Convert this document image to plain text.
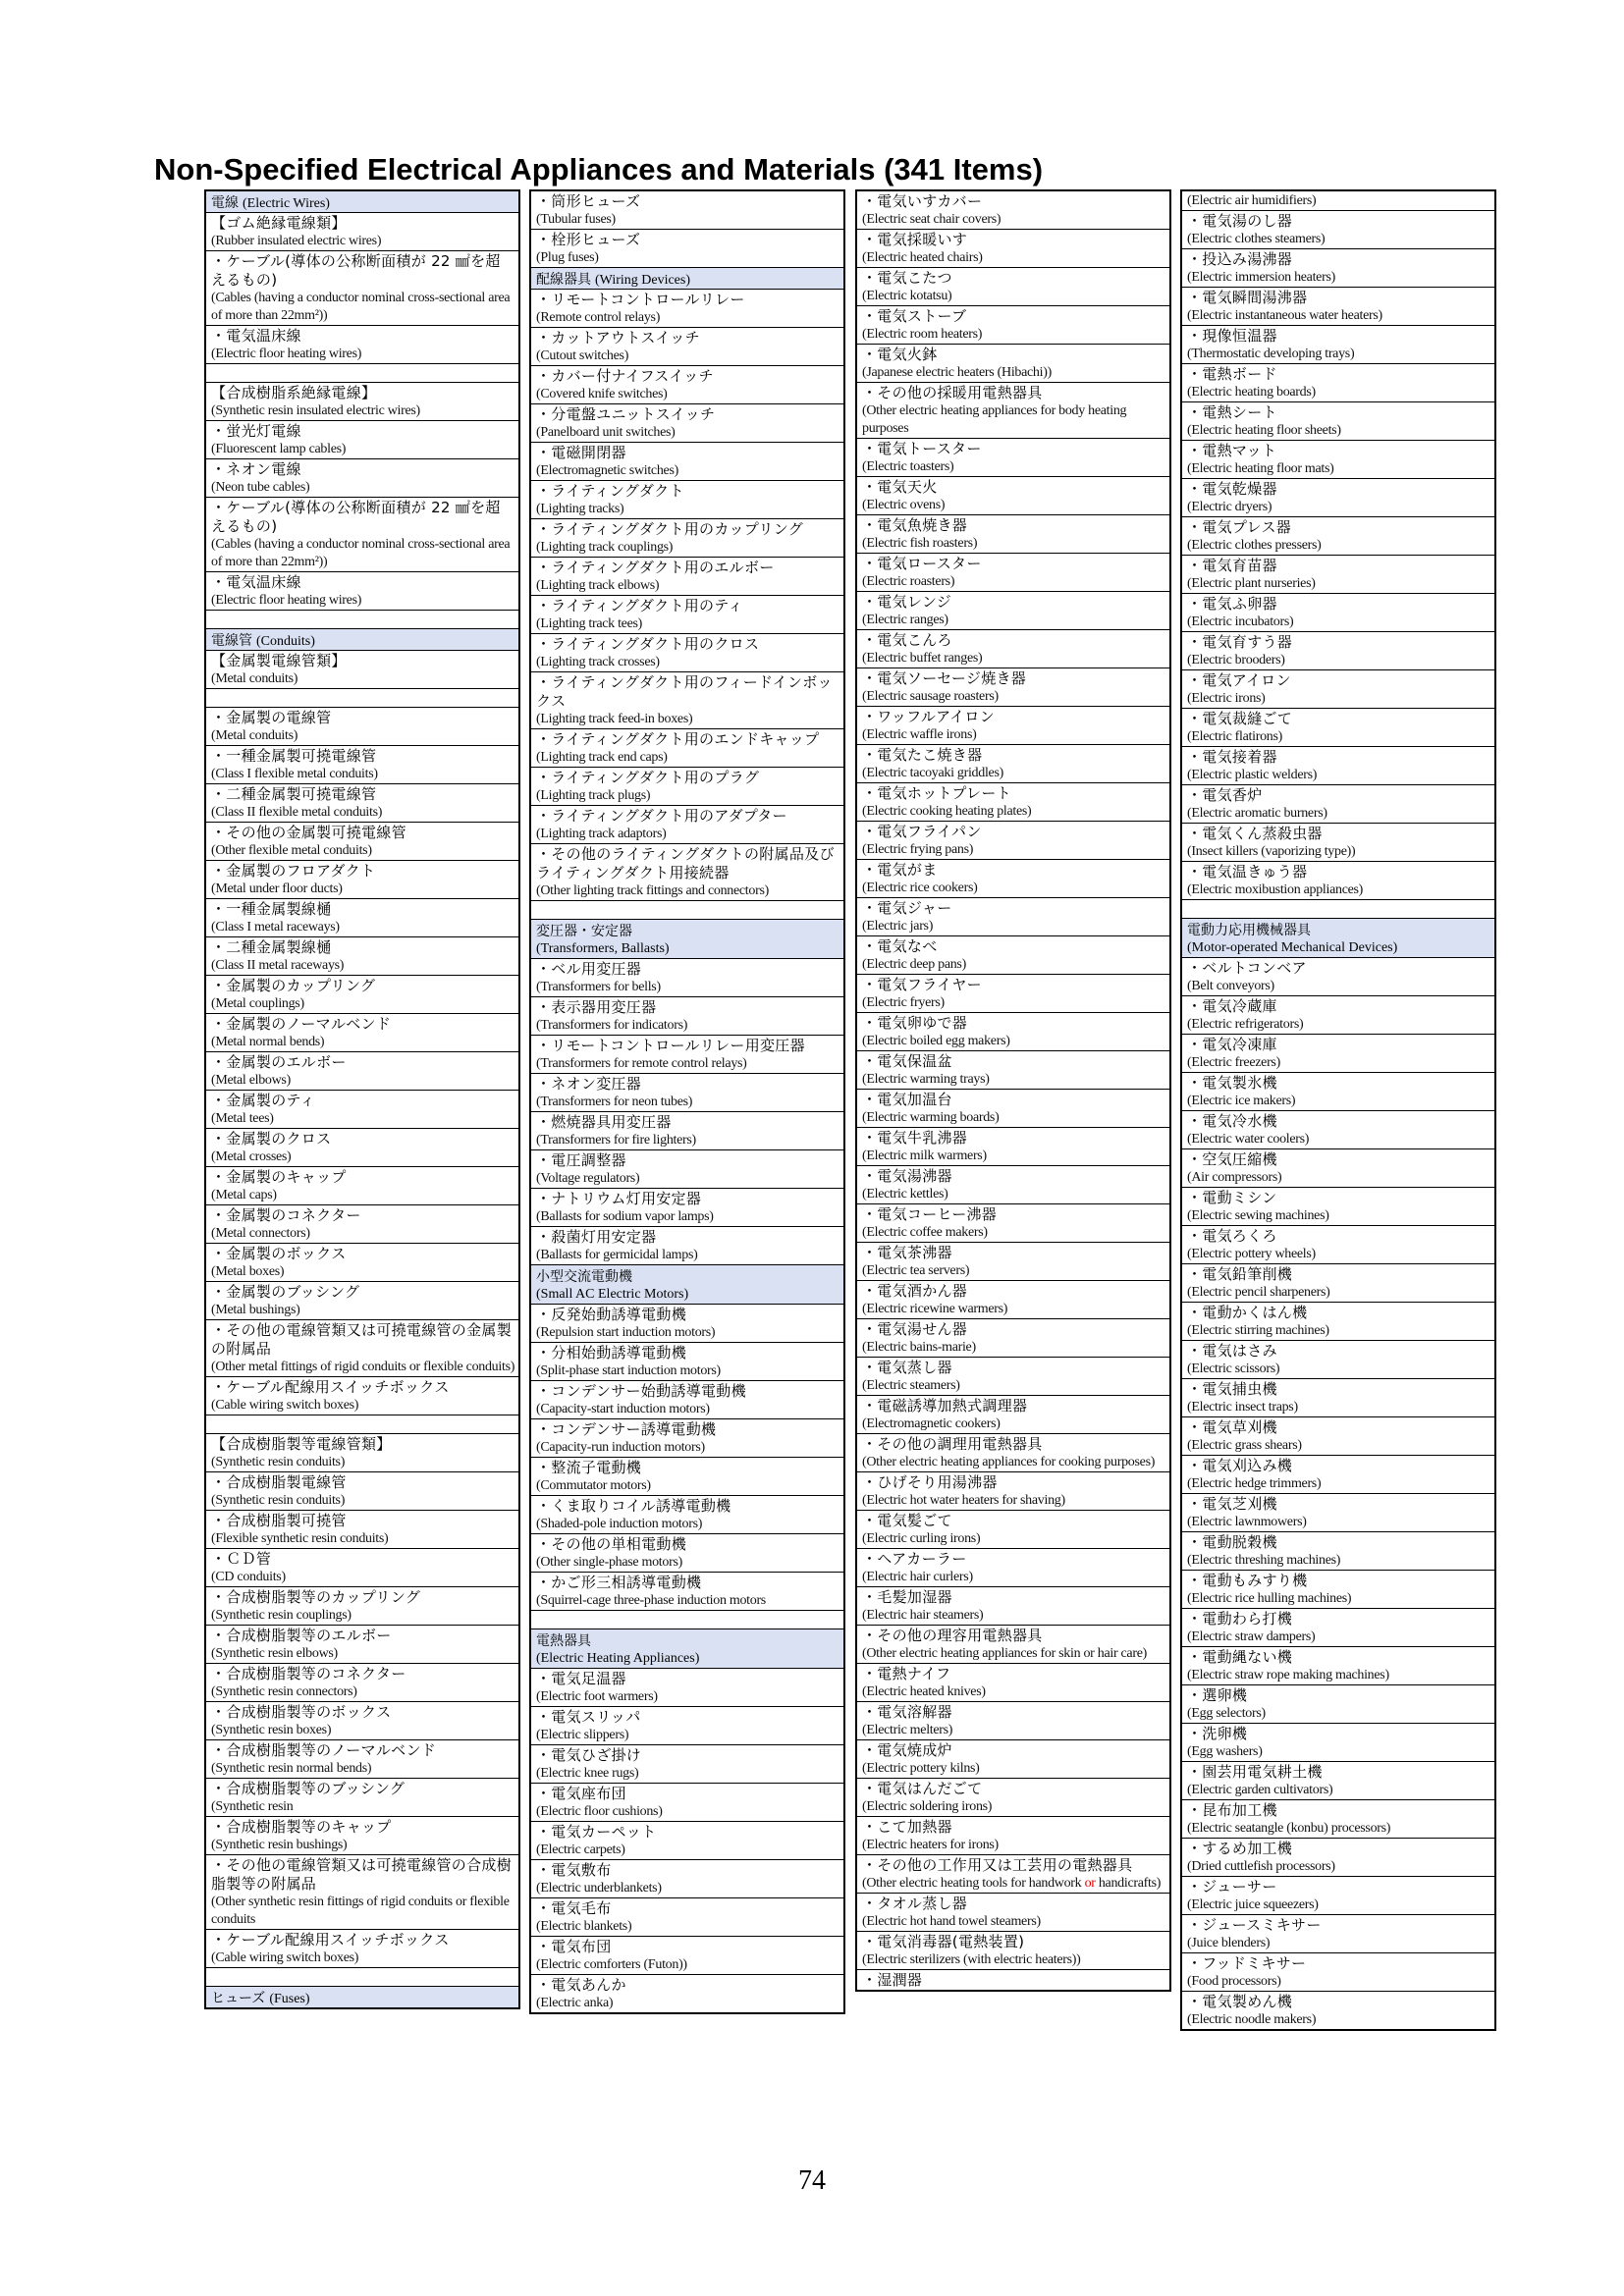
Non-Specified Electrical Appliances and Materials (341 Items)
電線 (Electric Wires)
【ゴム絶縁電線類】
(Rubber insulated electric wires)
・ケーブル(導体の公称断面積が 22 ㎟を超えるもの)
(Cables (having a conductor nominal cross-sectional area of more than 22mm²))
・電気温床線
(Electric floor heating wires)
【合成樹脂系絶縁電線】
(Synthetic resin insulated electric wires)
・蛍光灯電線
(Fluorescent lamp cables)
・ネオン電線
(Neon tube cables)
・ケーブル(導体の公称断面積が 22 ㎟を超えるもの)
(Cables (having a conductor nominal cross-sectional area of more than 22mm²))
・電気温床線
(Electric floor heating wires)
電線管 (Conduits)
【金属製電線管類】
(Metal conduits)
・金属製の電線管
(Metal conduits)
・一種金属製可撓電線管
(Class I flexible metal conduits)
・二種金属製可撓電線管
(Class II flexible metal conduits)
・その他の金属製可撓電線管
(Other flexible metal conduits)
・金属製のフロアダクト
(Metal under floor ducts)
・一種金属製線樋
(Class I metal raceways)
・二種金属製線樋
(Class II metal raceways)
・金属製のカップリング
(Metal couplings)
・金属製のノーマルベンド
(Metal normal bends)
・金属製のエルボー
(Metal elbows)
・金属製のティ
(Metal tees)
・金属製のクロス
(Metal crosses)
・金属製のキャップ
(Metal caps)
・金属製のコネクター
(Metal connectors)
・金属製のボックス
(Metal boxes)
・金属製のブッシング
(Metal bushings)
・その他の電線管類又は可撓電線管の金属製の附属品
(Other metal fittings of rigid conduits or flexible conduits)
・ケーブル配線用スイッチボックス
(Cable wiring switch boxes)
【合成樹脂製等電線管類】
(Synthetic resin conduits)
・合成樹脂製電線管
(Synthetic resin conduits)
・合成樹脂製可撓管
(Flexible synthetic resin conduits)
・ＣＤ管
(CD conduits)
・合成樹脂製等のカップリング
(Synthetic resin couplings)
・合成樹脂製等のエルボー
(Synthetic resin elbows)
・合成樹脂製等のコネクター
(Synthetic resin connectors)
・合成樹脂製等のボックス
(Synthetic resin boxes)
・合成樹脂製等のノーマルベンド
(Synthetic resin normal bends)
・合成樹脂製等のブッシング
(Synthetic resin
・合成樹脂製等のキャップ
(Synthetic resin bushings)
・その他の電線管類又は可撓電線管の合成樹脂製等の附属品
(Other synthetic resin fittings of rigid conduits or flexible conduits
・ケーブル配線用スイッチボックス
(Cable wiring switch boxes)
ヒューズ (Fuses)
・筒形ヒューズ
(Tubular fuses)
・栓形ヒューズ
(Plug fuses)
配線器具 (Wiring Devices)
・リモートコントロールリレー
(Remote control relays)
・カットアウトスイッチ
(Cutout switches)
・カバー付ナイフスイッチ
(Covered knife switches)
・分電盤ユニットスイッチ
(Panelboard unit switches)
・電磁開閉器
(Electromagnetic switches)
・ライティングダクト
(Lighting tracks)
・ライティングダクト用のカップリング
(Lighting track couplings)
・ライティングダクト用のエルボー
(Lighting track elbows)
・ライティングダクト用のティ
(Lighting track tees)
・ライティングダクト用のクロス
(Lighting track crosses)
・ライティングダクト用のフィードインボックス
(Lighting track feed-in boxes)
・ライティングダクト用のエンドキャップ
(Lighting track end caps)
・ライティングダクト用のプラグ
(Lighting track plugs)
・ライティングダクト用のアダプター
(Lighting track adaptors)
・その他のライティングダクトの附属品及びライティングダクト用接続器
(Other lighting track fittings and connectors)
変圧器・安定器
(Transformers, Ballasts)
・ベル用変圧器
(Transformers for bells)
・表示器用変圧器
(Transformers for indicators)
・リモートコントロールリレー用変圧器
(Transformers for remote control relays)
・ネオン変圧器
(Transformers for neon tubes)
・燃焼器具用変圧器
(Transformers for fire lighters)
・電圧調整器
(Voltage regulators)
・ナトリウム灯用安定器
(Ballasts for sodium vapor lamps)
・殺菌灯用安定器
(Ballasts for germicidal lamps)
小型交流電動機
(Small AC Electric Motors)
・反発始動誘導電動機
(Repulsion start induction motors)
・分相始動誘導電動機
(Split-phase start induction motors)
・コンデンサー始動誘導電動機
(Capacity-start induction motors)
・コンデンサー誘導電動機
(Capacity-run induction motors)
・整流子電動機
(Commutator motors)
・くま取りコイル誘導電動機
(Shaded-pole induction motors)
・その他の単相電動機
(Other single-phase motors)
・かご形三相誘導電動機
(Squirrel-cage three-phase induction motors
電熱器具
(Electric Heating Appliances)
・電気足温器
(Electric foot warmers)
・電気スリッパ
(Electric slippers)
・電気ひざ掛け
(Electric knee rugs)
・電気座布団
(Electric floor cushions)
・電気カーペット
(Electric carpets)
・電気敷布
(Electric underblankets)
・電気毛布
(Electric blankets)
・電気布団
(Electric comforters (Futon))
・電気あんか
(Electric anka)
・電気いすカバー
(Electric seat chair covers)
・電気採暖いす
(Electric heated chairs)
・電気こたつ
(Electric kotatsu)
・電気ストーブ
(Electric room heaters)
・電気火鉢
(Japanese electric heaters (Hibachi))
・その他の採暖用電熱器具
(Other electric heating appliances for body heating purposes
・電気トースター
(Electric toasters)
・電気天火
(Electric ovens)
・電気魚焼き器
(Electric fish roasters)
・電気ロースター
(Electric roasters)
・電気レンジ
(Electric ranges)
・電気こんろ
(Electric buffet ranges)
・電気ソーセージ焼き器
(Electric sausage roasters)
・ワッフルアイロン
(Electric waffle irons)
・電気たこ焼き器
(Electric tacoyaki griddles)
・電気ホットプレート
(Electric cooking heating plates)
・電気フライパン
(Electric frying pans)
・電気がま
(Electric rice cookers)
・電気ジャー
(Electric jars)
・電気なべ
(Electric deep pans)
・電気フライヤー
(Electric fryers)
・電気卵ゆで器
(Electric boiled egg makers)
・電気保温盆
(Electric warming trays)
・電気加温台
(Electric warming boards)
・電気牛乳沸器
(Electric milk warmers)
・電気湯沸器
(Electric kettles)
・電気コーヒー沸器
(Electric coffee makers)
・電気茶沸器
(Electric tea servers)
・電気酒かん器
(Electric ricewine warmers)
・電気湯せん器
(Electric bains-marie)
・電気蒸し器
(Electric steamers)
・電磁誘導加熱式調理器
(Electromagnetic cookers)
・その他の調理用電熱器具
(Other electric heating appliances for cooking purposes)
・ひげそり用湯沸器
(Electric hot water heaters for shaving)
・電気髪ごて
(Electric curling irons)
・ヘアカーラー
(Electric hair curlers)
・毛髪加湿器
(Electric hair steamers)
・その他の理容用電熱器具
(Other electric heating appliances for skin or hair care)
・電熱ナイフ
(Electric heated knives)
・電気溶解器
(Electric melters)
・電気焼成炉
(Electric pottery kilns)
・電気はんだごて
(Electric soldering irons)
・こて加熱器
(Electric heaters for irons)
・その他の工作用又は工芸用の電熱器具
(Other electric heating tools for handwork or handicrafts)
・タオル蒸し器
(Electric hot hand towel steamers)
・電気消毒器(電熱装置)
(Electric sterilizers (with electric heaters))
・湿潤器
(Electric air humidifiers)
・電気湯のし器
(Electric clothes steamers)
・投込み湯沸器
(Electric immersion heaters)
・電気瞬間湯沸器
(Electric instantaneous water heaters)
・現像恒温器
(Thermostatic developing trays)
・電熱ボード
(Electric heating boards)
・電熱シート
(Electric heating floor sheets)
・電熱マット
(Electric heating floor mats)
・電気乾燥器
(Electric dryers)
・電気プレス器
(Electric clothes pressers)
・電気育苗器
(Electric plant nurseries)
・電気ふ卵器
(Electric incubators)
・電気育すう器
(Electric brooders)
・電気アイロン
(Electric irons)
・電気裁縫ごて
(Electric flatirons)
・電気接着器
(Electric plastic welders)
・電気香炉
(Electric aromatic burners)
・電気くん蒸殺虫器
(Insect killers (vaporizing type))
・電気温きゅう器
(Electric moxibustion appliances)
電動力応用機械器具
(Motor-operated Mechanical Devices)
・ベルトコンベア
(Belt conveyors)
・電気冷蔵庫
(Electric refrigerators)
・電気冷凍庫
(Electric freezers)
・電気製氷機
(Electric ice makers)
・電気冷水機
(Electric water coolers)
・空気圧縮機
(Air compressors)
・電動ミシン
(Electric sewing machines)
・電気ろくろ
(Electric pottery wheels)
・電気鉛筆削機
(Electric pencil sharpeners)
・電動かくはん機
(Electric stirring machines)
・電気はさみ
(Electric scissors)
・電気捕虫機
(Electric insect traps)
・電気草刈機
(Electric grass shears)
・電気刈込み機
(Electric hedge trimmers)
・電気芝刈機
(Electric lawnmowers)
・電動脱穀機
(Electric threshing machines)
・電動もみすり機
(Electric rice hulling machines)
・電動わら打機
(Electric straw dampers)
・電動縄ない機
(Electric straw rope making machines)
・選卵機
(Egg selectors)
・洗卵機
(Egg washers)
・園芸用電気耕土機
(Electric garden cultivators)
・昆布加工機
(Electric seatangle (konbu) processors)
・するめ加工機
(Dried cuttlefish processors)
・ジューサー
(Electric juice squeezers)
・ジュースミキサー
(Juice blenders)
・フッドミキサー
(Food processors)
・電気製めん機
(Electric noodle makers)
74
